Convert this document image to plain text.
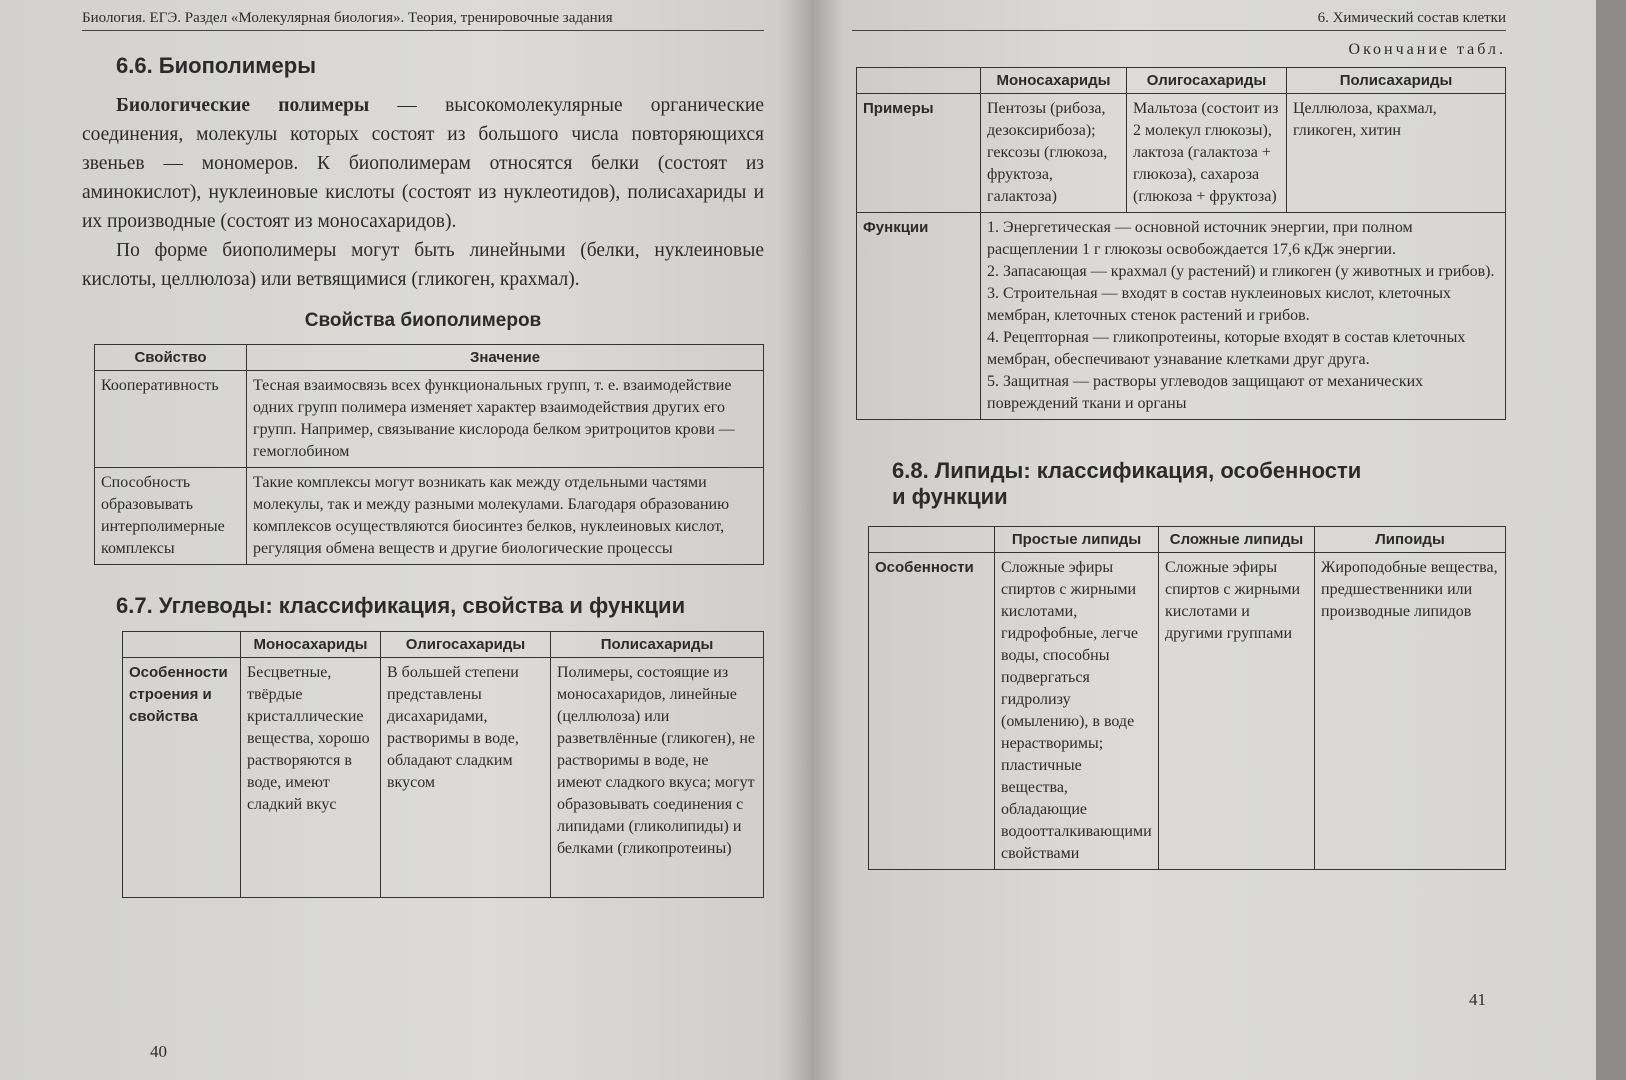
Биология. ЕГЭ. Раздел «Молекулярная биология». Теория, тренировочные задания
6.6. Биополимеры

Биологические полимеры — высокомолекулярные органические соединения, молекулы которых состоят из большого числа повторяющихся звеньев — мономеров. К биополимерам относятся белки (состоят из аминокислот), нуклеиновые кислоты (состоят из нуклеотидов), полисахариды и их производные (состоят из моносахаридов).

По форме биополимеры могут быть линейными (белки, нуклеиновые кислоты, целлюлоза) или ветвящимися (гликоген, крахмал).

Свойства биополимеров
Свойство	Значение
Кооперативность	Тесная взаимосвязь всех функциональных групп, т. е. взаимодействие одних групп полимера изменяет характер взаимодействия других его групп. Например, связывание кислорода белком эритроцитов крови — гемоглобином
Способность образовывать интерполимерные комплексы	Такие комплексы могут возникать как между отдельными частями молекулы, так и между разными молекулами. Благодаря образованию комплексов осуществляются биосинтез белков, нуклеиновых кислот, регуляция обмена веществ и другие биологические процессы
6.7. Углеводы: классификация, свойства и функции
	Моносахариды	Олигосахариды	Полисахариды
Особенности строения и свойства	Бесцветные, твёрдые кристаллические вещества, хорошо растворяются в воде, имеют сладкий вкус	В большей степени представлены дисахаридами, растворимы в воде, обладают сладким вкусом	Полимеры, состоящие из моносахаридов, линейные (целлюлоза) или разветвлённые (гликоген), не растворимы в воде, не имеют сладкого вкуса; могут образовывать соединения с липидами (гликолипиды) и белками (гликопротеины)
40
6. Химический состав клетки
Окончание табл.
	Моносахариды	Олигосахариды	Полисахариды
Примеры	Пентозы (рибоза, дезоксирибоза); гексозы (глюкоза, фруктоза, галактоза)	Мальтоза (состоит из 2 молекул глюкозы), лактоза (галактоза + глюкоза), сахароза (глюкоза + фруктоза)	Целлюлоза, крахмал, гликоген, хитин
Функции	1. Энергетическая — основной источник энергии, при полном расщеплении 1 г глюкозы освобождается 17,6 кДж энергии.
2. Запасающая — крахмал (у растений) и гликоген (у животных и грибов).
3. Строительная — входят в состав нуклеиновых кислот, клеточных мембран, клеточных стенок растений и грибов.
4. Рецепторная — гликопротеины, которые входят в состав клеточных мембран, обеспечивают узнавание клетками друг друга.
5. Защитная — растворы углеводов защищают от механических повреждений ткани и органы		
6.8. Липиды: классификация, особенности и функции
	Простые липиды	Сложные липиды	Липоиды
Особенности	Сложные эфиры спиртов с жирными кислотами, гидрофобные, легче воды, способны подвергаться гидролизу (омылению), в воде нерастворимы; пластичные вещества, обладающие водоотталкивающими свойствами	Сложные эфиры спиртов с жирными кислотами и другими группами	Жироподобные вещества, предшественники или производные липидов
41
